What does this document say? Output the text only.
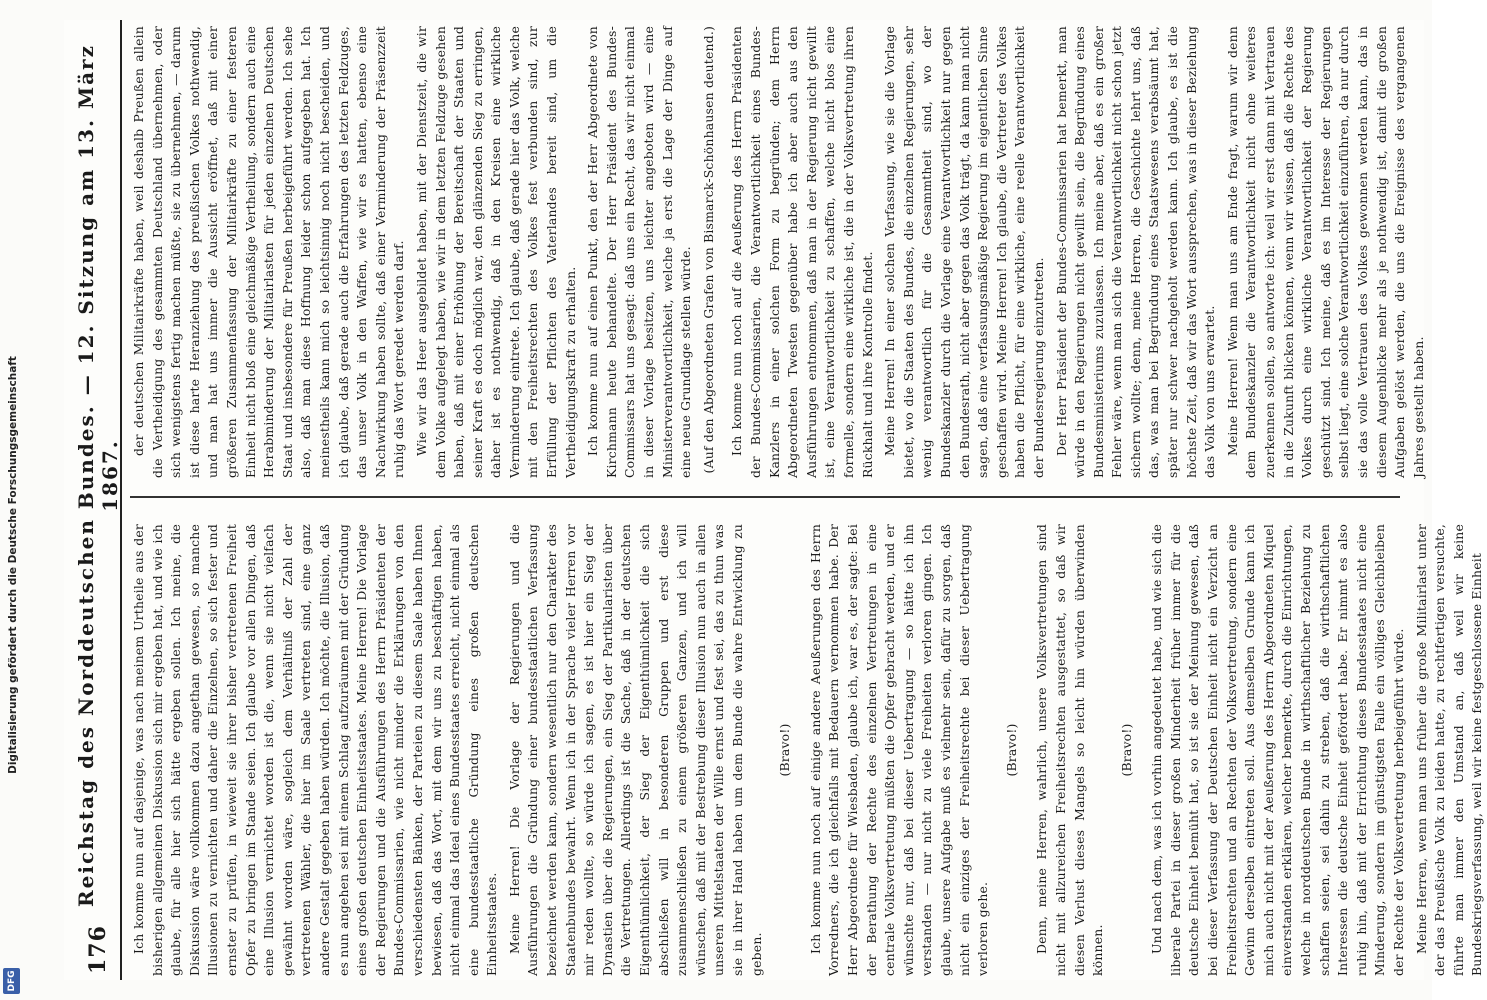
Digitalisierung gefördert durch die Deutsche Forschungsgemeinschaft
DFG
176
Reichstag des Norddeutschen Bundes. — 12. Sitzung am 13. März 1867.

Ich komme nun auf dasjenige, was nach meinem Urtheile aus der bisherigen allgemeinen Diskussion sich mir ergeben hat, und wie ich glaube, für alle hier sich hätte ergeben sollen. Ich meine, die Diskussion wäre vollkommen dazu angethan gewesen, so manche Illusionen zu vernichten und daher die Einzelnen, so sich fester und ernster zu prüfen, in wieweit sie ihrer bisher vertretenen Freiheit Opfer zu bringen im Stande seien. Ich glaube vor allen Dingen, daß eine Illusion vernichtet worden ist die, wenn sie nicht vielfach gewähnt worden wäre, sogleich dem Verhältniß der Zahl der vertretenen Wähler, die hier im Saale vertreten sind, eine ganz andere Gestalt gegeben haben würden. Ich möchte, die Illusion, daß es nun angehen sei mit einem Schlag aufzuräumen mit der Gründung eines großen deutschen Einheitsstaates. Meine Herren! Die Vorlage der Regierungen und die Ausführungen des Herrn Präsidenten der Bundes-Commissarien, wie nicht minder die Erklärungen von den verschiedensten Bänken, der Parteien zu diesem Saale haben Ihnen bewiesen, daß das Wort, mit dem wir uns zu beschäftigen haben, nicht einmal das Ideal eines Bundesstaates erreicht, nicht einmal als eine bundesstaatliche Gründung eines großen deutschen Einheitsstaates. Meine Herren! Die Vorlage der Regierungen und die Ausführungen die Gründung einer bundesstaatlichen Verfassung bezeichnet werden kann, sondern wesentlich nur den Charakter des Staatenbundes bewahrt. Wenn ich in der Sprache vieler Herren vor mir reden wollte, so würde ich sagen, es ist hier ein Sieg der Dynastien über die Regierungen, ein Sieg der Partikularisten über die Vertretungen. Allerdings ist die Sache, daß in der deutschen Eigenthümlichkeit, der Sieg der Eigenthümlichkeit die sich abschließen will in besonderen Gruppen und erst diese zusammenschließen zu einem größeren Ganzen, und ich will wünschen, daß mit der Bestrebung dieser Illusion nun auch in allen unseren Mittelstaaten der Wille ernst und fest sei, das zu thun was sie in ihrer Hand haben um dem Bunde die wahre Entwicklung zu geben.

(Bravo!) Ich komme nun noch auf einige andere Aeußerungen des Herrn Vorredners, die ich gleichfalls mit Bedauern vernommen habe. Der Herr Abgeordnete für Wiesbaden, glaube ich, war es, der sagte: Bei der Berathung der Rechte des einzelnen Vertretungen in eine centrale Volksvertretung müßten die Opfer gebracht werden, und er wünschte nur, daß bei dieser Uebertragung — so hätte ich ihn verstanden — nur nicht zu viele Freiheiten verloren gingen. Ich glaube, unsere Aufgabe muß es vielmehr sein, dafür zu sorgen, daß nicht ein einziges der Freiheitsrechte bei dieser Uebertragung verloren gehe.

(Bravo!) Denn, meine Herren, wahrlich, unsere Volksvertretungen sind nicht mit allzureichen Freiheitsrechten ausgestattet, so daß wir diesen Verlust dieses Mangels so leicht hin würden überwinden können.

(Bravo!) Und nach dem, was ich vorhin angedeutet habe, und wie sich die liberale Partei in dieser großen Minderheit früher immer für die deutsche Einheit bemüht hat, so ist sie der Meinung gewesen, daß bei dieser Verfassung der Deutschen Einheit nicht ein Verzicht an Freiheitsrechten und an Rechten der Volksvertretung, sondern eine Gewinn derselben eintreten soll. Aus demselben Grunde kann ich mich auch nicht mit der Aeußerung des Herrn Abgeordneten Miquel einverstanden erklären, welcher bemerkte, durch die Einrichtungen, welche in norddeutschen Bunde in wirthschaftlicher Beziehung zu schaffen seien, sei dahin zu streben, daß die wirthschaftlichen Interessen die deutsche Einheit gefördert habe. Er nimmt es also ruhig hin, daß mit der Errichtung dieses Bundesstaates nicht eine Minderung, sondern im günstigsten Falle ein völliges Gleichbleiben der Rechte der Volksvertretung herbeigeführt würde. Meine Herren, wenn man uns früher die große Militairlast unter der das Preußische Volk zu leiden hatte, zu rechtfertigen versuchte, führte man immer den Umstand an, daß weil wir keine Bundeskriegsverfassung, weil wir keine festgeschlossene Einheit

der deutschen Militairkräfte haben, weil deshalb Preußen allein die Vertheidigung des gesammten Deutschland übernehmen, oder sich wenigstens fertig machen müßte, sie zu übernehmen, — darum ist diese harte Heranziehung des preußischen Volkes nothwendig, und man hat uns immer die Aussicht eröffnet, daß mit einer größeren Zusammenfassung der Militairkräfte zu einer festeren Einheit nicht bloß eine gleichmäßige Vertheilung, sondern auch eine Herabminderung der Militairlasten für jeden einzelnen Deutschen Staat und insbesondere für Preußen herbeigeführt werden. Ich sehe also, daß man diese Hoffnung leider schon aufgegeben hat. Ich meinestheils kann mich so leichtsinnig noch nicht bescheiden, und ich glaube, daß gerade auch die Erfahrungen des letzten Feldzuges, das unser Volk in den Waffen, wie wir es hatten, ebenso eine Nachwirkung haben sollte, daß einer Verminderung der Präsenzzeit ruhig das Wort geredet werden darf. Wie wir das Heer ausgebildet haben, mit der Dienstzeit, die wir dem Volke aufgelegt haben, wie wir in dem letzten Feldzuge gesehen haben, daß mit einer Erhöhung der Bereitschaft der Staaten und seiner Kraft es doch möglich war, den glänzenden Sieg zu erringen, daher ist es nothwendig, daß in den Kreisen eine wirkliche Verminderung eintrete. Ich glaube, daß gerade hier das Volk, welche mit den Freiheitsrechten des Volkes fest verbunden sind, zur Erfüllung der Pflichten des Vaterlandes bereit sind, um die Vertheidigungskraft zu erhalten. Ich komme nun auf einen Punkt, den der Herr Abgeordnete von Kirchmann heute behandelte. Der Herr Präsident des Bundes-Commissars hat uns gesagt: daß uns ein Recht, das wir nicht einmal in dieser Vorlage besitzen, uns leichter angeboten wird — eine Ministerverantwortlichkeit, welche ja erst die Lage der Dinge auf eine neue Grundlage stellen würde. (Auf den Abgeordneten Grafen von Bismarck-Schönhausen deutend.) Ich komme nun noch auf die Aeußerung des Herrn Präsidenten der Bundes-Commissarien, die Verantwortlichkeit eines Bundes-Kanzlers in einer solchen Form zu begründen; dem Herrn Abgeordneten Twesten gegenüber habe ich aber auch aus den Ausführungen entnommen, daß man in der Regierung nicht gewillt ist, eine Verantwortlichkeit zu schaffen, welche nicht blos eine formelle, sondern eine wirkliche ist, die in der Volksvertretung ihren Rückhalt und ihre Kontrolle findet. Meine Herren! In einer solchen Verfassung, wie sie die Vorlage bietet, wo die Staaten des Bundes, die einzelnen Regierungen, sehr wenig verantwortlich für die Gesammtheit sind, wo der Bundeskanzler durch die Vorlage eine Verantwortlichkeit nur gegen den Bundesrath, nicht aber gegen das Volk trägt, da kann man nicht sagen, daß eine verfassungsmäßige Regierung im eigentlichen Sinne geschaffen wird. Meine Herren! Ich glaube, die Vertreter des Volkes haben die Pflicht, für eine wirkliche, eine reelle Verantwortlichkeit der Bundesregierung einzutreten. Der Herr Präsident der Bundes-Commissarien hat bemerkt, man würde in den Regierungen nicht gewillt sein, die Begründung eines Bundesministeriums zuzulassen. Ich meine aber, daß es ein großer Fehler wäre, wenn man sich die Verantwortlichkeit nicht schon jetzt sichern wollte; denn, meine Herren, die Geschichte lehrt uns, daß das, was man bei Begründung eines Staatswesens verabsäumt hat, später nur schwer nachgeholt werden kann. Ich glaube, es ist die höchste Zeit, daß wir das Wort aussprechen, was in dieser Beziehung das Volk von uns erwartet. Meine Herren! Wenn man uns am Ende fragt, warum wir denn dem Bundeskanzler die Verantwortlichkeit nicht ohne weiteres zuerkennen sollen, so antworte ich: weil wir erst dann mit Vertrauen in die Zukunft blicken können, wenn wir wissen, daß die Rechte des Volkes durch eine wirkliche Verantwortlichkeit der Regierung geschützt sind. Ich meine, daß es im Interesse der Regierungen selbst liegt, eine solche Verantwortlichkeit einzuführen, da nur durch sie das volle Vertrauen des Volkes gewonnen werden kann, das in diesem Augenblicke mehr als je nothwendig ist, damit die großen Aufgaben gelöst werden, die uns die Ereignisse des vergangenen Jahres gestellt haben.
